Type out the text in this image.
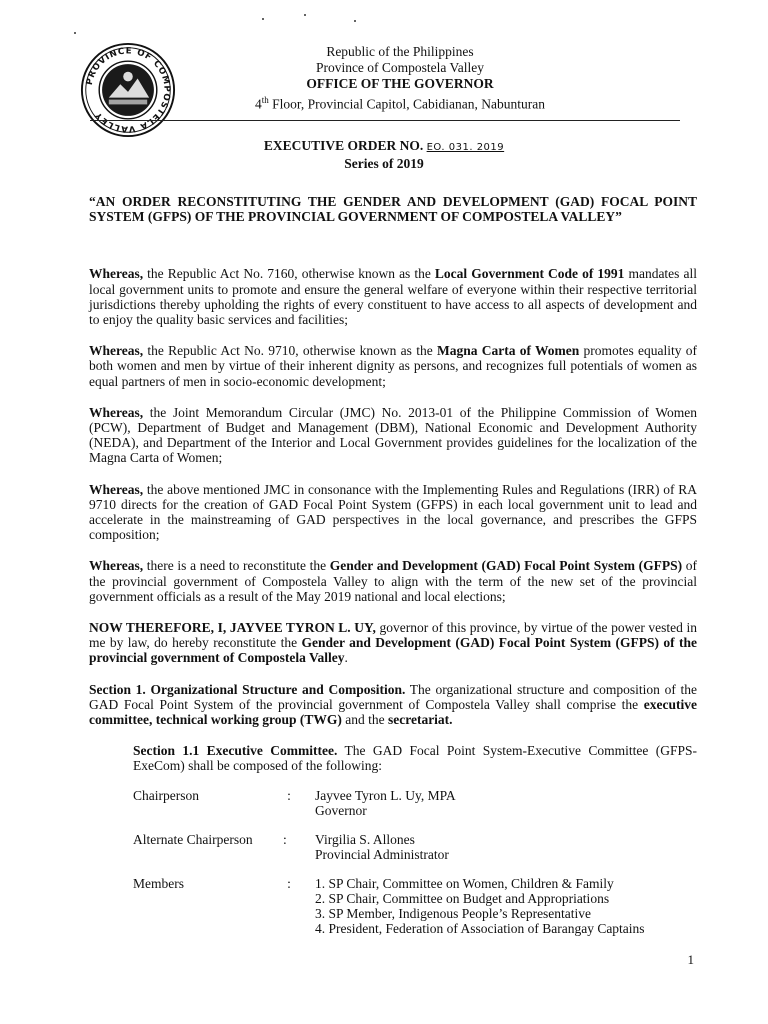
PROVINCE OF COMPOSTELA VALLEY
Republic of the Philippines
Province of Compostela Valley
OFFICE OF THE GOVERNOR
4th Floor, Provincial Capitol, Cabidianan, Nabunturan
EXECUTIVE ORDER NO. EO. 031. 2019
Series of 2019

“AN ORDER RECONSTITUTING THE GENDER AND DEVELOPMENT (GAD) FOCAL POINT SYSTEM (GFPS) OF THE PROVINCIAL GOVERNMENT OF COMPOSTELA VALLEY”

Whereas, the Republic Act No. 7160, otherwise known as the Local Government Code of 1991 mandates all local government units to promote and ensure the general welfare of everyone within their respective territorial jurisdictions thereby upholding the rights of every constituent to have access to all aspects of development and to enjoy the quality basic services and facilities;

Whereas, the Republic Act No. 9710, otherwise known as the Magna Carta of Women promotes equality of both women and men by virtue of their inherent dignity as persons, and recognizes full potentials of women as equal partners of men in socio-economic development;

Whereas, the Joint Memorandum Circular (JMC) No. 2013-01 of the Philippine Commission of Women (PCW), Department of Budget and Management (DBM), National Economic and Development Authority (NEDA), and Department of the Interior and Local Government provides guidelines for the localization of the Magna Carta of Women;

Whereas, the above mentioned JMC in consonance with the Implementing Rules and Regulations (IRR) of RA 9710 directs for the creation of GAD Focal Point System (GFPS) in each local government unit to lead and accelerate in the mainstreaming of GAD perspectives in the local governance, and prescribes the GFPS composition;

Whereas, there is a need to reconstitute the Gender and Development (GAD) Focal Point System (GFPS) of the provincial government of Compostela Valley to align with the term of the new set of the provincial government officials as a result of the May 2019 national and local elections;

NOW THEREFORE, I, JAYVEE TYRON L. UY, governor of this province, by virtue of the power vested in me by law, do hereby reconstitute the Gender and Development (GAD) Focal Point System (GFPS) of the provincial government of Compostela Valley.

Section 1. Organizational Structure and Composition. The organizational structure and composition of the GAD Focal Point System of the provincial government of Compostela Valley shall comprise the executive committee, technical working group (TWG) and the secretariat.

Section 1.1 Executive Committee. The GAD Focal Point System-Executive Committee (GFPS-ExeCom) shall be composed of the following:

Chairperson	:	Jayvee Tyron L. Uy, MPA
Governor
Alternate Chairperson	:	Virgilia S. Allones
Provincial Administrator
Members	:	1. SP Chair, Committee on Women, Children & Family
2. SP Chair, Committee on Budget and Appropriations
3. SP Member, Indigenous People’s Representative
4. President, Federation of Association of Barangay Captains
1
